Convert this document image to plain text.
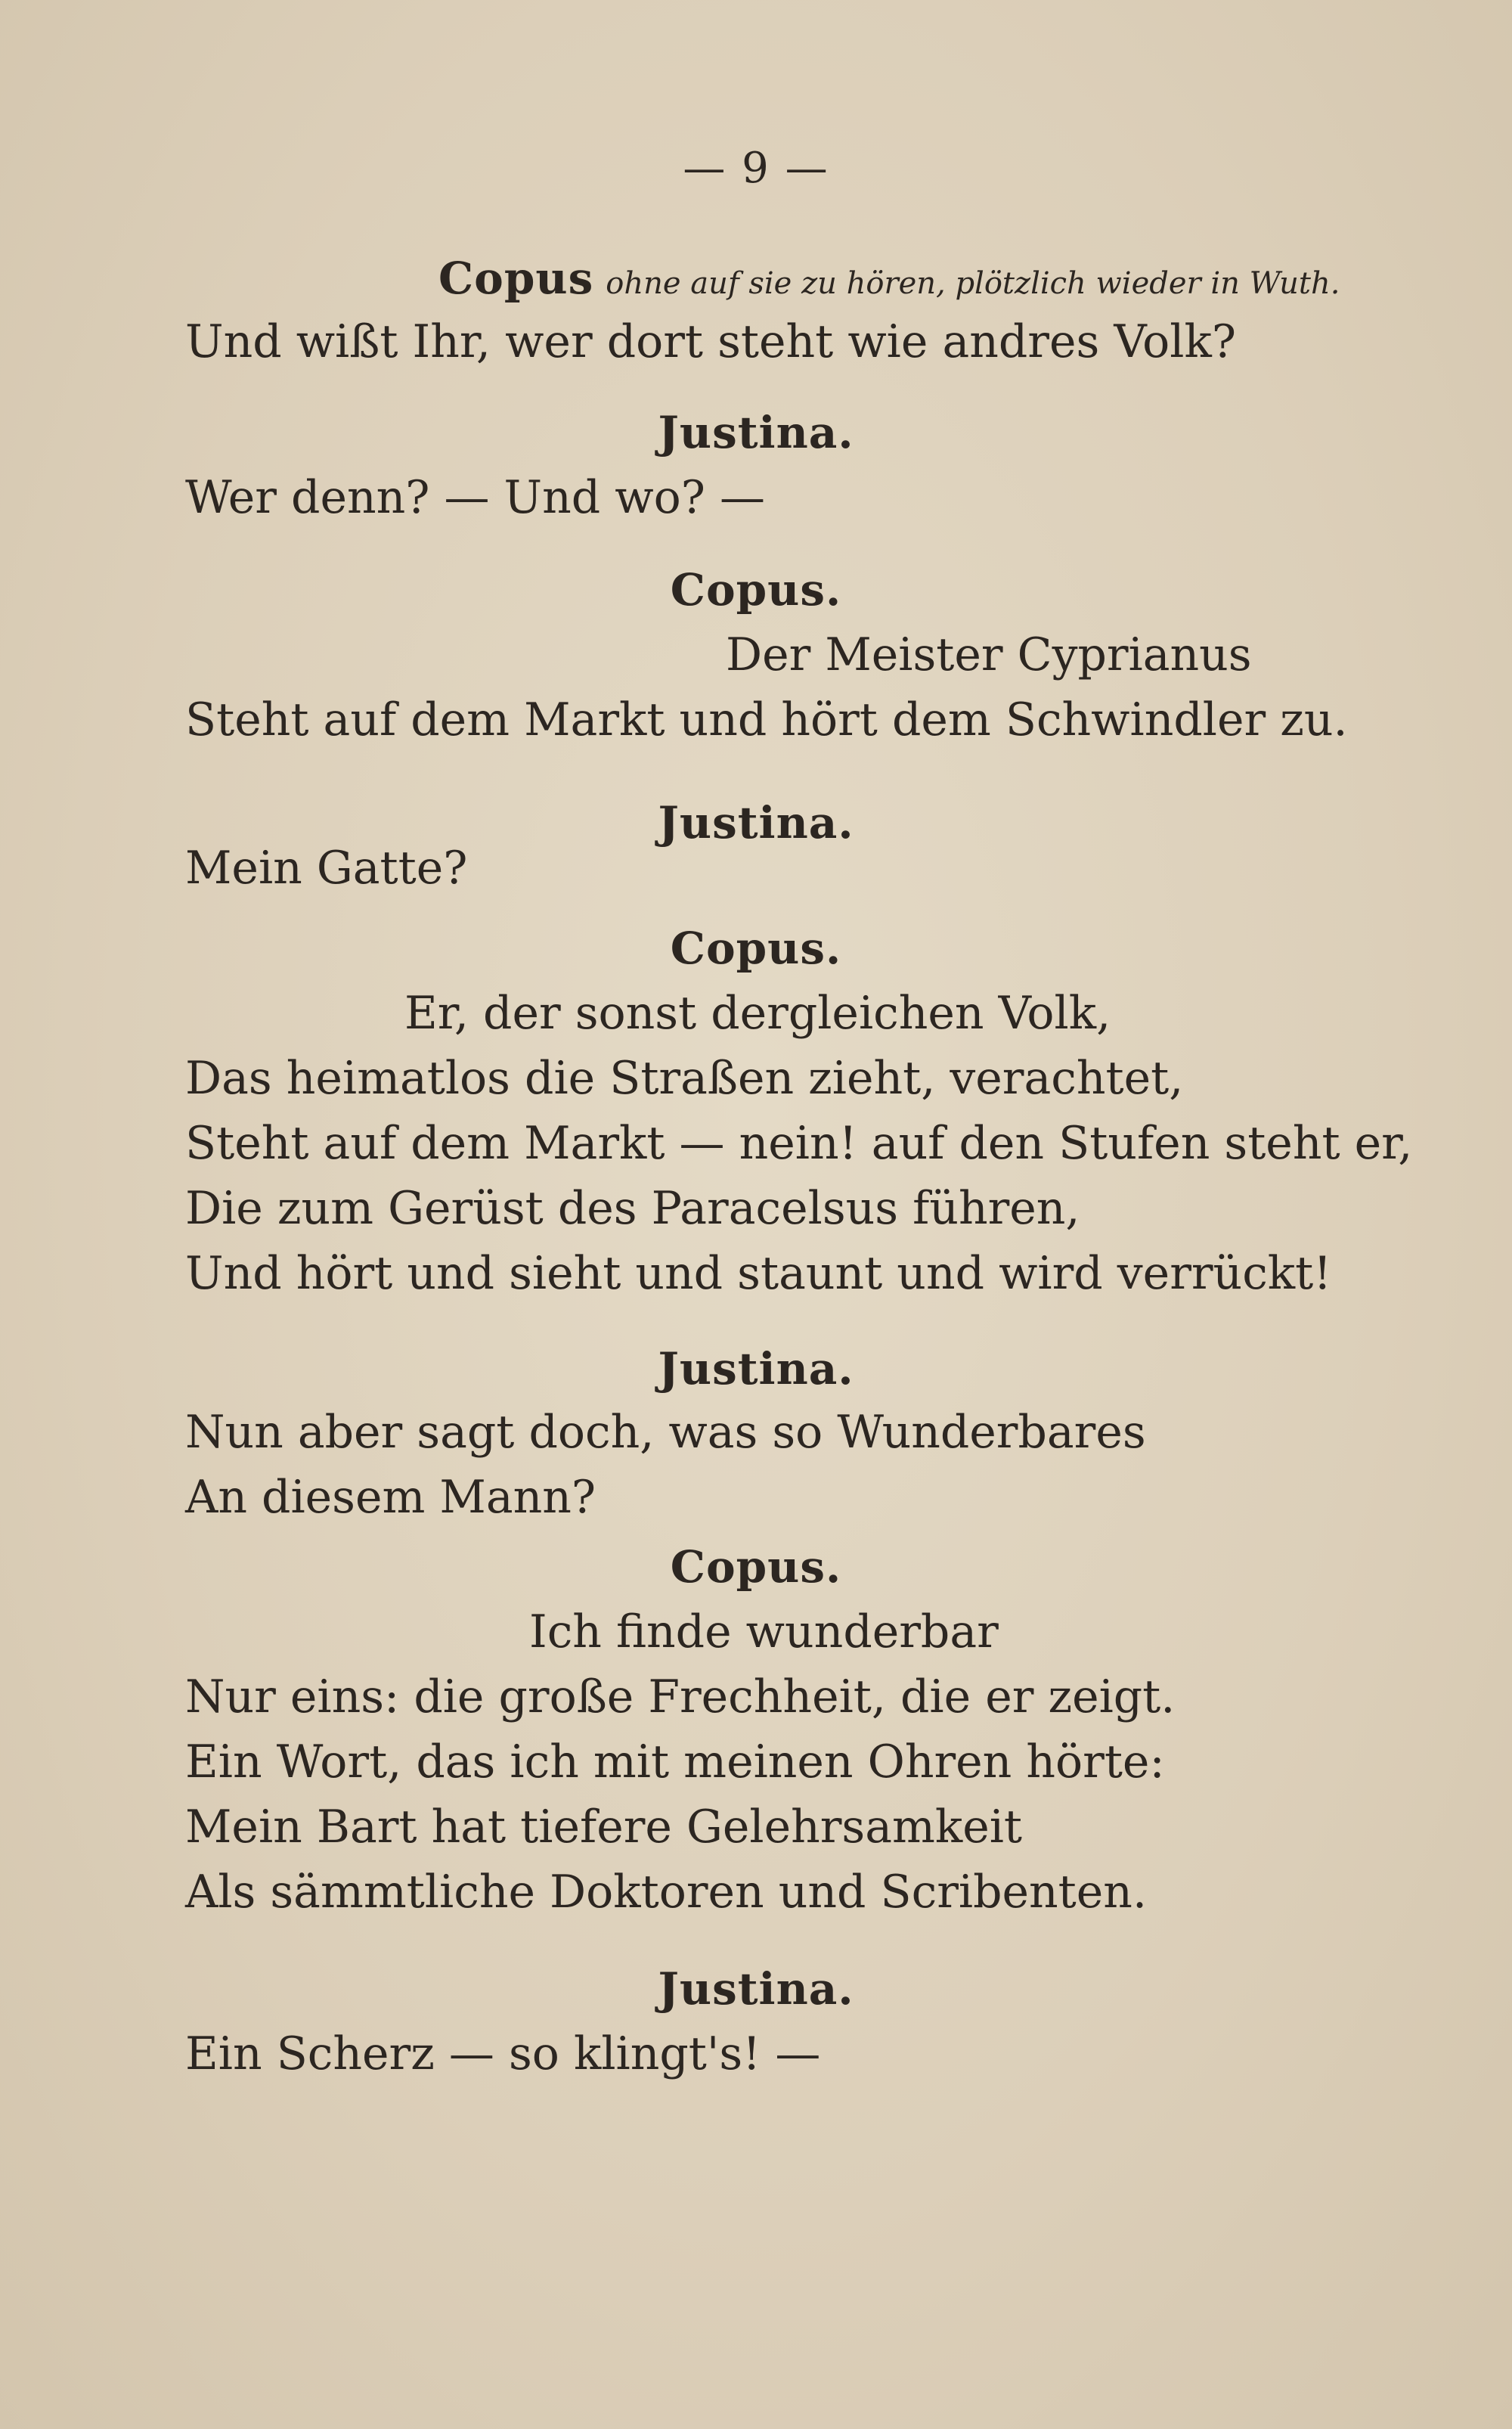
— 9 —
Copus ohne auf sie zu hören, plötzlich wieder in Wuth.
Und wißt Ihr, wer dort steht wie andres Volk?
Justina.
Wer denn? — Und wo? —
Copus.
Der Meister Cyprianus
Steht auf dem Markt und hört dem Schwindler zu.
Justina.
Mein Gatte?
Copus.
Er, der sonst dergleichen Volk,
Das heimatlos die Straßen zieht, verachtet,
Steht auf dem Markt — nein! auf den Stufen steht er,
Die zum Gerüst des Paracelsus führen,
Und hört und sieht und staunt und wird verrückt!
Justina.
Nun aber sagt doch, was so Wunderbares
An diesem Mann?
Copus.
Ich finde wunderbar
Nur eins: die große Frechheit, die er zeigt.
Ein Wort, das ich mit meinen Ohren hörte:
Mein Bart hat tiefere Gelehrsamkeit
Als sämmtliche Doktoren und Scribenten.
Justina.
Ein Scherz — so klingt's! —
